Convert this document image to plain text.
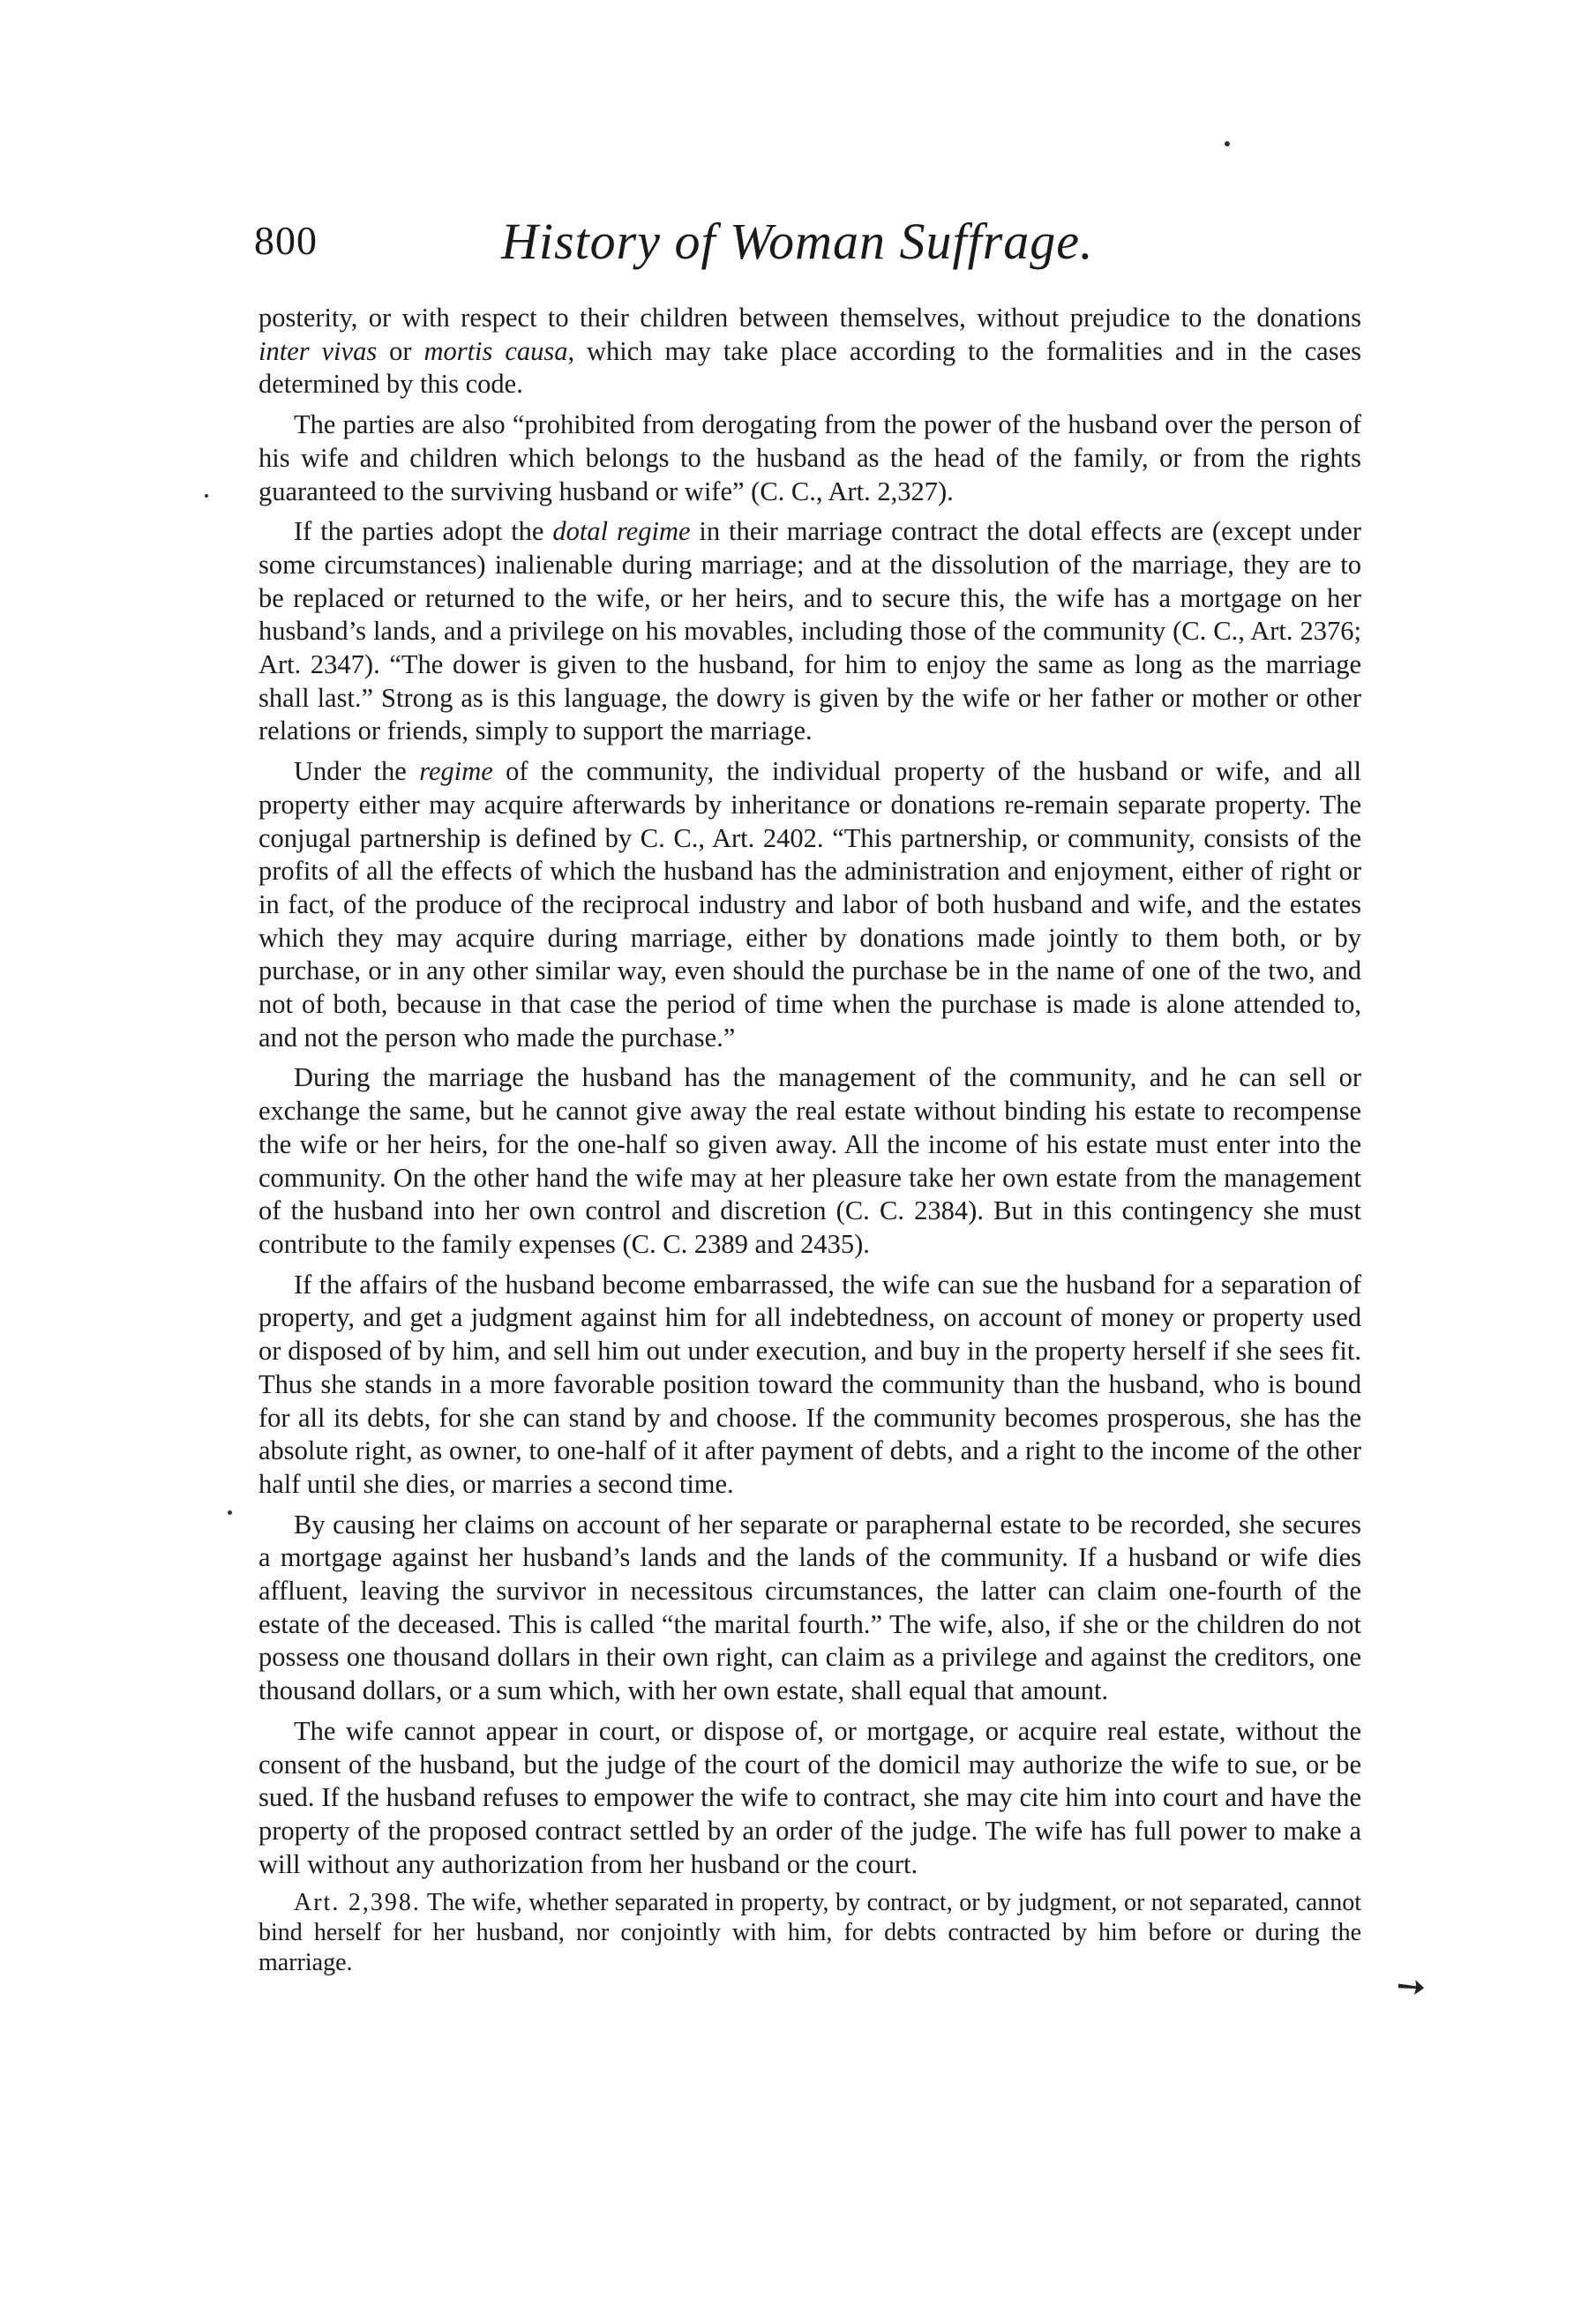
800	History of Woman Suffrage.

posterity, or with respect to their children between themselves, without prejudice to the donations inter vivas or mortis causa, which may take place according to the formalities and in the cases determined by this code.

The parties are also “prohibited from derogating from the power of the husband over the person of his wife and children which belongs to the husband as the head of the family, or from the rights guaranteed to the surviving husband or wife” (C. C., Art. 2,327).

If the parties adopt the dotal regime in their marriage contract the dotal effects are (except under some circumstances) inalienable during marriage; and at the dissolution of the marriage, they are to be replaced or returned to the wife, or her heirs, and to secure this, the wife has a mortgage on her husband’s lands, and a privilege on his movables, including those of the community (C. C., Art. 2376; Art. 2347). “The dower is given to the husband, for him to enjoy the same as long as the marriage shall last.” Strong as is this language, the dowry is given by the wife or her father or mother or other relations or friends, simply to support the marriage.

Under the regime of the community, the individual property of the husband or wife, and all property either may acquire afterwards by inheritance or donations re-remain separate property. The conjugal partnership is defined by C. C., Art. 2402. “This partnership, or community, consists of the profits of all the effects of which the husband has the administration and enjoyment, either of right or in fact, of the produce of the reciprocal industry and labor of both husband and wife, and the estates which they may acquire during marriage, either by donations made jointly to them both, or by purchase, or in any other similar way, even should the purchase be in the name of one of the two, and not of both, because in that case the period of time when the purchase is made is alone attended to, and not the person who made the purchase.”

During the marriage the husband has the management of the community, and he can sell or exchange the same, but he cannot give away the real estate without binding his estate to recompense the wife or her heirs, for the one-half so given away. All the income of his estate must enter into the community. On the other hand the wife may at her pleasure take her own estate from the management of the husband into her own control and discretion (C. C. 2384). But in this contingency she must contribute to the family expenses (C. C. 2389 and 2435).

If the affairs of the husband become embarrassed, the wife can sue the husband for a separation of property, and get a judgment against him for all indebtedness, on account of money or property used or disposed of by him, and sell him out under execution, and buy in the property herself if she sees fit. Thus she stands in a more favorable position toward the community than the husband, who is bound for all its debts, for she can stand by and choose. If the community becomes prosperous, she has the absolute right, as owner, to one-half of it after payment of debts, and a right to the income of the other half until she dies, or marries a second time.

By causing her claims on account of her separate or paraphernal estate to be recorded, she secures a mortgage against her husband’s lands and the lands of the community. If a husband or wife dies affluent, leaving the survivor in necessitous circumstances, the latter can claim one-fourth of the estate of the deceased. This is called “the marital fourth.” The wife, also, if she or the children do not possess one thousand dollars in their own right, can claim as a privilege and against the creditors, one thousand dollars, or a sum which, with her own estate, shall equal that amount.

The wife cannot appear in court, or dispose of, or mortgage, or acquire real estate, without the consent of the husband, but the judge of the court of the domicil may authorize the wife to sue, or be sued. If the husband refuses to empower the wife to contract, she may cite him into court and have the property of the proposed contract settled by an order of the judge. The wife has full power to make a will without any authorization from her husband or the court.

Art. 2,398. The wife, whether separated in property, by contract, or by judgment, or not separated, cannot bind herself for her husband, nor conjointly with him, for debts contracted by him before or during the marriage.	➘
